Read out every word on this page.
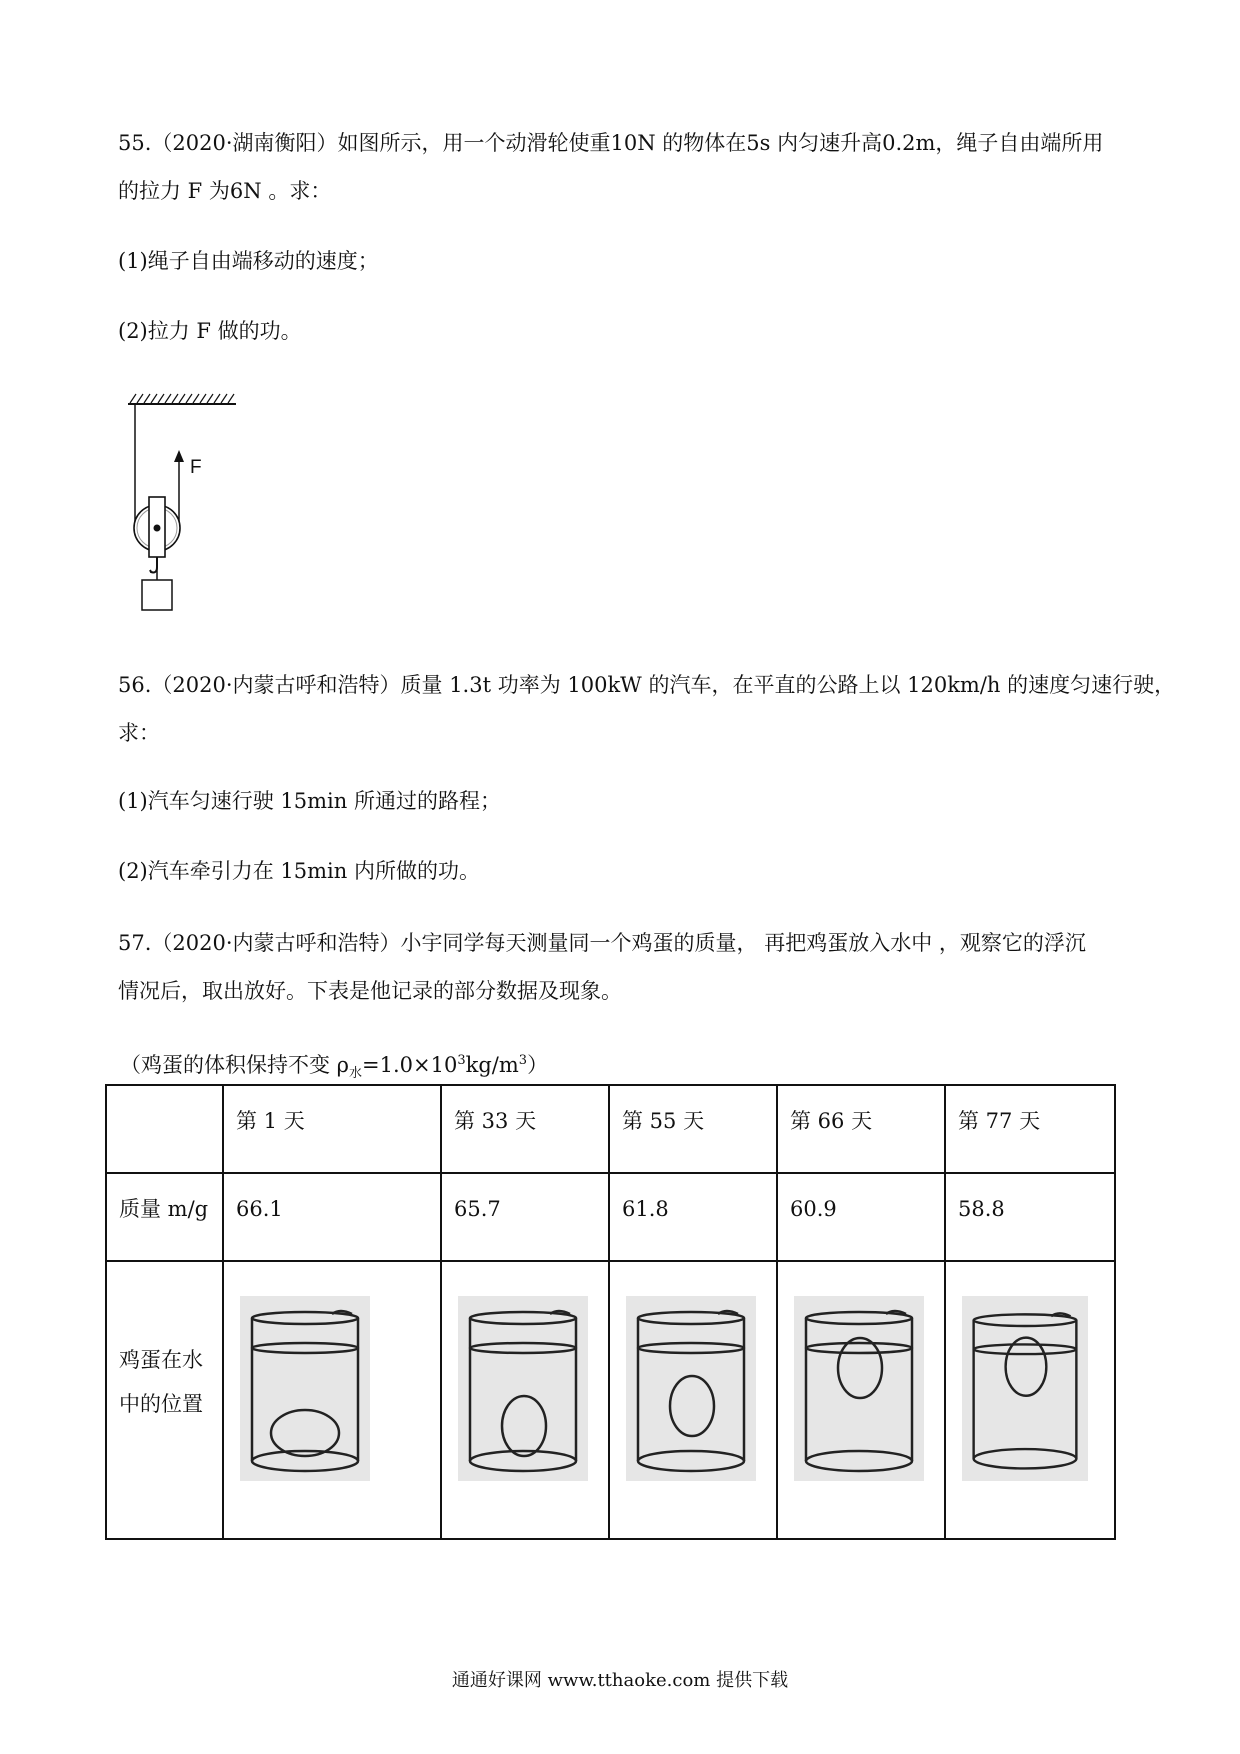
55.（2020·湖南衡阳）如图所示，用一个动滑轮使重10N 的物体在5s 内匀速升高0.2m，绳子自由端所用

的拉力 F 为6N 。求：

(1)绳子自由端移动的速度；

(2)拉力 F 做的功。

F

56.（2020·内蒙古呼和浩特）质量 1.3t 功率为 100kW 的汽车，在平直的公路上以 120km/h 的速度匀速行驶，

求：

(1)汽车匀速行驶 15min 所通过的路程；

(2)汽车牵引力在 15min 内所做的功。

57.（2020·内蒙古呼和浩特）小宇同学每天测量同一个鸡蛋的质量， 再把鸡蛋放入水中 ，观察它的浮沉

情况后，取出放好。下表是他记录的部分数据及现象。

（鸡蛋的体积保持不变 $\rho_水=1.0\times 10^3kg/m^3$）

	第 1 天	第 33 天	第 55 天	第 66 天	第 77 天
质量 m/g	66.1	65.7	61.8	60.9	58.8
鸡蛋在水
中的位置	

通通好课网 www.tthaoke.com 提供下载
